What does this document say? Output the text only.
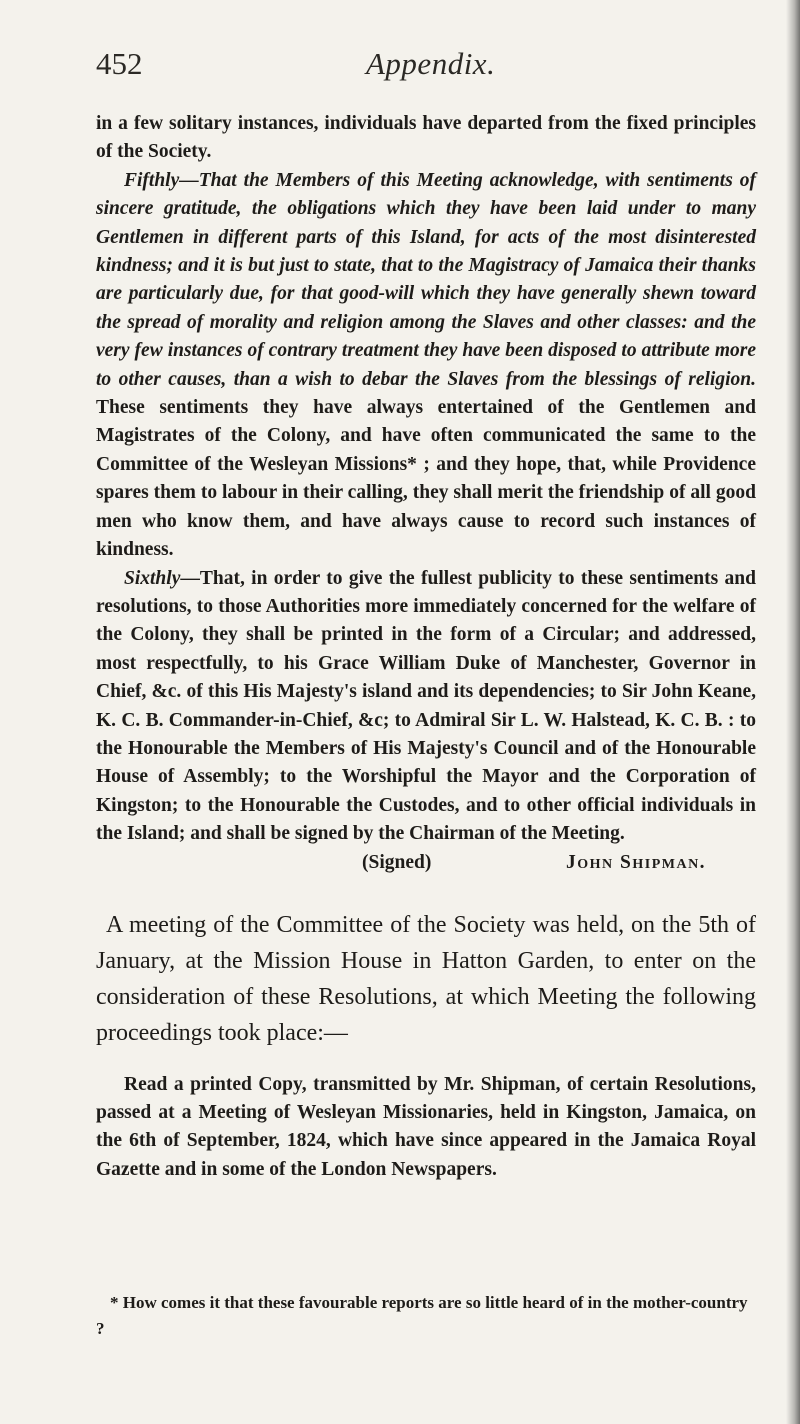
452	Appendix.

in a few solitary instances, individuals have departed from the fixed principles of the Society.

Fifthly—That the Members of this Meeting acknowledge, with sentiments of sincere gratitude, the obligations which they have been laid under to many Gentlemen in different parts of this Island, for acts of the most disinterested kindness; and it is but just to state, that to the Magistracy of Jamaica their thanks are particularly due, for that good-will which they have generally shewn toward the spread of morality and religion among the Slaves and other classes: and the very few instances of contrary treatment they have been disposed to attribute more to other causes, than a wish to debar the Slaves from the blessings of religion. These sentiments they have always entertained of the Gentlemen and Magistrates of the Colony, and have often communicated the same to the Committee of the Wesleyan Missions* ; and they hope, that, while Providence spares them to labour in their calling, they shall merit the friendship of all good men who know them, and have always cause to record such instances of kindness.

Sixthly—That, in order to give the fullest publicity to these sentiments and resolutions, to those Authorities more immediately concerned for the welfare of the Colony, they shall be printed in the form of a Circular; and addressed, most respectfully, to his Grace William Duke of Manchester, Governor in Chief, &c. of this His Majesty's island and its dependencies; to Sir John Keane, K. C. B. Commander-in-Chief, &c; to Admiral Sir L. W. Halstead, K. C. B. : to the Honourable the Members of His Majesty's Council and of the Honourable House of Assembly; to the Worshipful the Mayor and the Corporation of Kingston; to the Honourable the Custodes, and to other official individuals in the Island; and shall be signed by the Chairman of the Meeting.

(Signed)	John Shipman.

A meeting of the Committee of the Society was held, on the 5th of January, at the Mission House in Hatton Garden, to enter on the consideration of these Resolutions, at which Meeting the following proceedings took place:—

Read a printed Copy, transmitted by Mr. Shipman, of certain Resolutions, passed at a Meeting of Wesleyan Missionaries, held in Kingston, Jamaica, on the 6th of September, 1824, which have since appeared in the Jamaica Royal Gazette and in some of the London Newspapers.

* How comes it that these favourable reports are so little heard of in the mother-country ?
